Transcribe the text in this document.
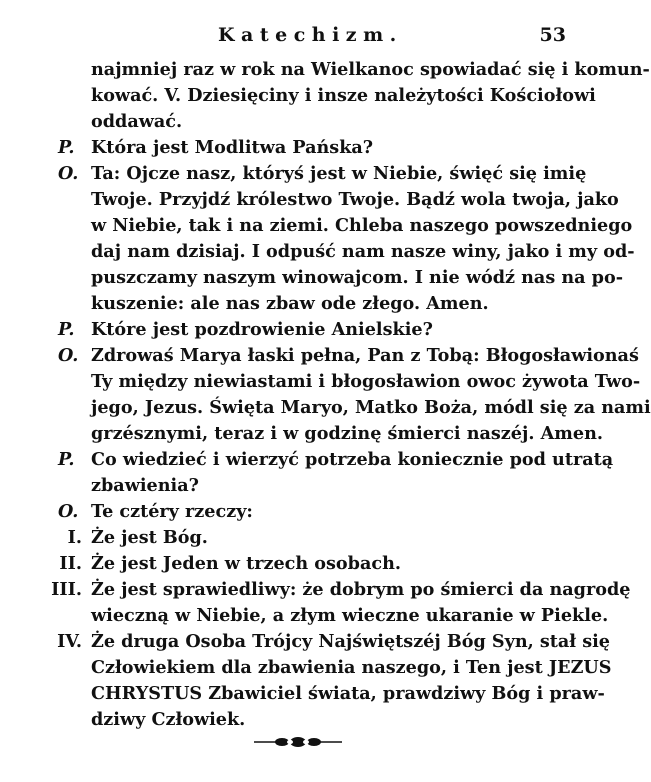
Katechizm.	53
najmniej raz w rok na Wielkanoc spowiadać się i komun-
kować. V. Dziesięciny i insze należytości Kościołowi
oddawać.
P. Która jest Modlitwa Pańska?
O. Ta: Ojcze nasz, któryś jest w Niebie, święć się imię
Twoje. Przyjdź królestwo Twoje. Bądź wola twoja, jako
w Niebie, tak i na ziemi. Chleba naszego powszedniego
daj nam dzisiaj. I odpuść nam nasze winy, jako i my od-
puszczamy naszym winowajcom. I nie wódź nas na po-
kuszenie: ale nas zbaw ode złego. Amen.
P. Które jest pozdrowienie Anielskie?
O. Zdrowaś Marya łaski pełna, Pan z Tobą: Błogosławionaś
Ty między niewiastami i błogosławion owoc żywota Two-
jego, Jezus. Święta Maryo, Matko Boża, módl się za nami
grzésznymi, teraz i w godzinę śmierci naszéj. Amen.
P. Co wiedzieć i wierzyć potrzeba koniecznie pod utratą
zbawienia?
O. Te cztéry rzeczy:
I. Że jest Bóg.
II. Że jest Jeden w trzech osobach.
III. Że jest sprawiedliwy: że dobrym po śmierci da nagrodę
wieczną w Niebie, a złym wieczne ukaranie w Piekle.
IV. Że druga Osoba Trójcy Najświętszéj Bóg Syn, stał się
Człowiekiem dla zbawienia naszego, i Ten jest JEZUS
CHRYSTUS Zbawiciel świata, prawdziwy Bóg i praw-
dziwy Człowiek.
